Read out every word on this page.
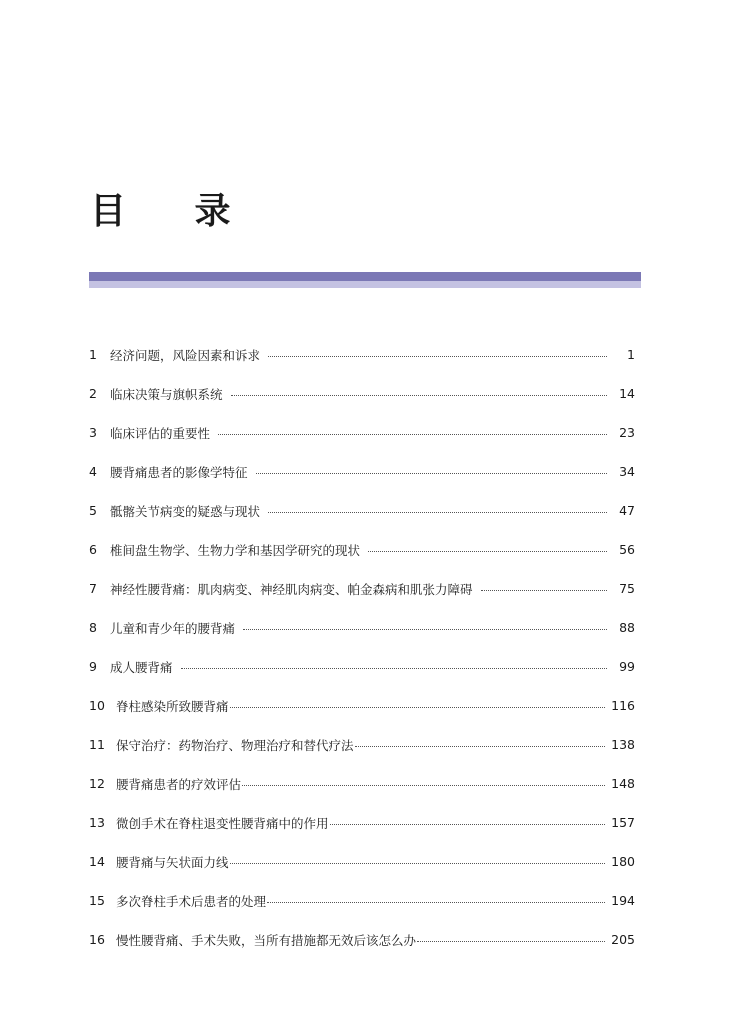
目 录
1	经济问题，风险因素和诉求	1
2	临床决策与旗帜系统	14
3	临床评估的重要性	23
4	腰背痛患者的影像学特征	34
5	骶髂关节病变的疑惑与现状	47
6	椎间盘生物学、生物力学和基因学研究的现状	56
7	神经性腰背痛：肌肉病变、神经肌肉病变、帕金森病和肌张力障碍	75
8	儿童和青少年的腰背痛	88
9	成人腰背痛	99
10 脊柱感染所致腰背痛	116
11 保守治疗：药物治疗、物理治疗和替代疗法	138
12 腰背痛患者的疗效评估	148
13 微创手术在脊柱退变性腰背痛中的作用	157
14 腰背痛与矢状面力线	180
15 多次脊柱手术后患者的处理	194
16 慢性腰背痛、手术失败，当所有措施都无效后该怎么办	205
